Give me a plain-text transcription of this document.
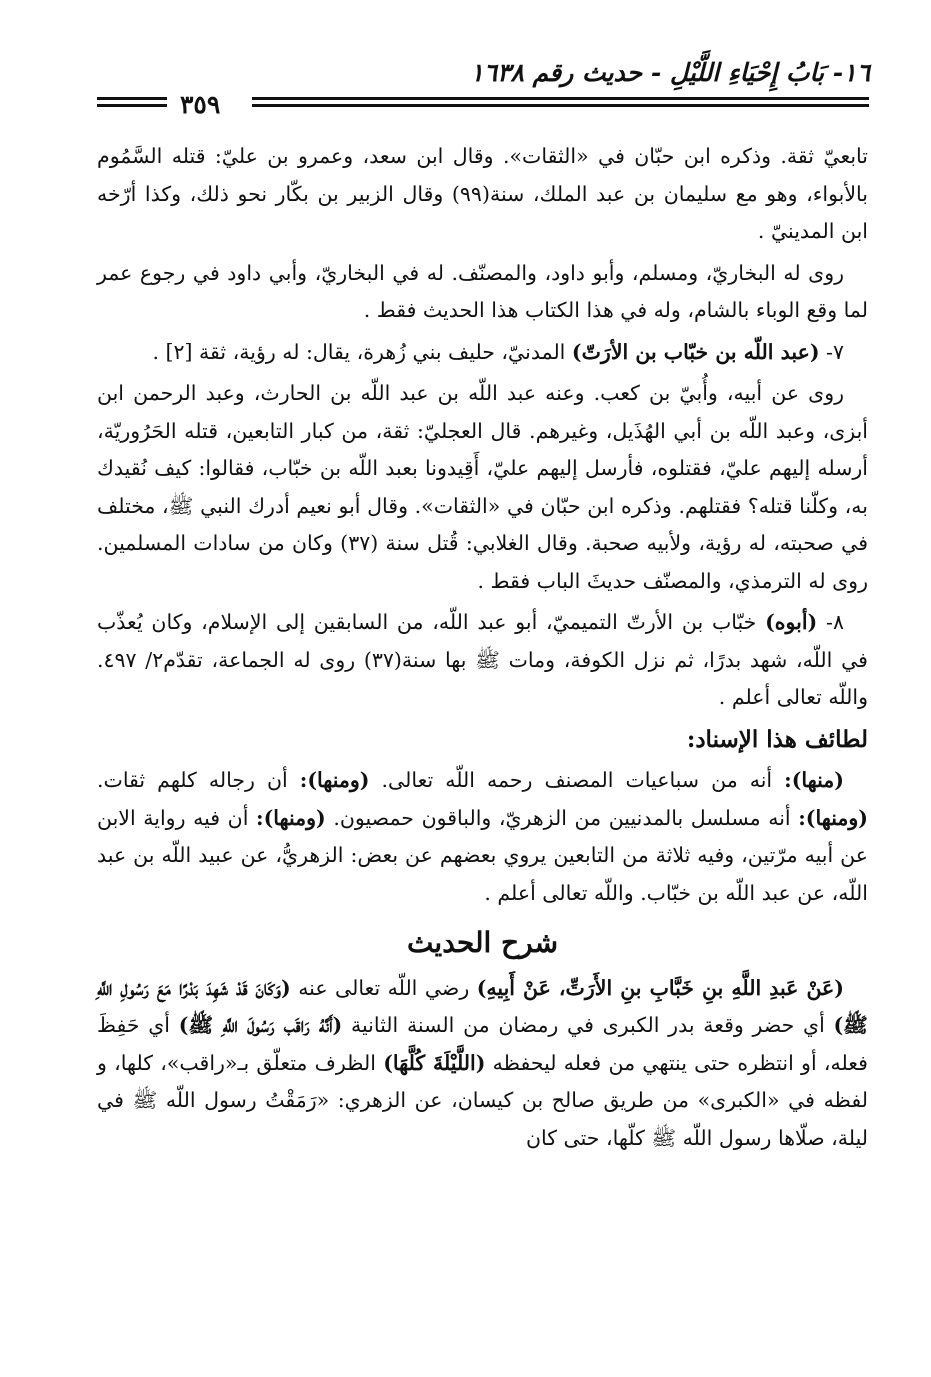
١٦- بَابُ إِحْيَاءِ اللَّيْلِ - حديث رقم ١٦٣٨
٣٥٩

تابعيّ ثقة. وذكره ابن حبّان في «الثقات». وقال ابن سعد، وعمرو بن عليّ: قتله السَّمُوم بالأبواء، وهو مع سليمان بن عبد الملك، سنة(٩٩) وقال الزبير بن بكّار نحو ذلك، وكذا أرّخه ابن المدينيّ .

روى له البخاريّ، ومسلم، وأبو داود، والمصنّف. له في البخاريّ، وأبي داود في رجوع عمر لما وقع الوباء بالشام، وله في هذا الكتاب هذا الحديث فقط .

٧- (عبد اللّه بن خبّاب بن الأرَتّ) المدنيّ، حليف بني زُهرة، يقال: له رؤية، ثقة [٢] .

روى عن أبيه، وأُبيّ بن كعب. وعنه عبد اللّه بن عبد اللّه بن الحارث، وعبد الرحمن ابن أبزى، وعبد اللّه بن أبي الهُذَيل، وغيرهم. قال العجليّ: ثقة، من كبار التابعين، قتله الحَرُوريّة، أرسله إليهم عليّ، فقتلوه، فأرسل إليهم عليّ، أَقِيدونا بعبد اللّه بن خبّاب، فقالوا: كيف نُقيدك به، وكلّنا قتله؟ فقتلهم. وذكره ابن حبّان في «الثقات». وقال أبو نعيم أدرك النبي ﷺ، مختلف في صحبته، له رؤية، ولأبيه صحبة. وقال الغلابي: قُتل سنة (٣٧) وكان من سادات المسلمين. روى له الترمذي، والمصنّف حديثَ الباب فقط .

٨- (أبوه) خبّاب بن الأرتّ التميميّ، أبو عبد اللّه، من السابقين إلى الإسلام، وكان يُعذّب في اللّه، شهد بدرًا، ثم نزل الكوفة، ومات ﷺ بها سنة(٣٧) روى له الجماعة، تقدّم٢/ ٤٩٧. واللّه تعالى أعلم .

لطائف هذا الإسناد:

(منها): أنه من سباعيات المصنف رحمه اللّه تعالى. (ومنها): أن رجاله كلهم ثقات. (ومنها): أنه مسلسل بالمدنيين من الزهريّ، والباقون حمصيون. (ومنها): أن فيه رواية الابن عن أبيه مرّتين، وفيه ثلاثة من التابعين يروي بعضهم عن بعض: الزهريُّ، عن عبيد اللّه بن عبد اللّه، عن عبد اللّه بن خبّاب. واللّه تعالى أعلم .

شرح الحديث

(عَنْ عَبدِ اللَّهِ بنِ خَبَّابِ بنِ الأَرَتِّ، عَنْ أَبِيهِ) رضي اللّه تعالى عنه (وَكَانَ قَدْ شَهِدَ بَدْرًا مَعَ رَسُولِ اللَّهِ ﷺ) أي حضر وقعة بدر الكبرى في رمضان من السنة الثانية (أَنَّهُ رَاقَب رَسُولَ اللَّهِ ﷺ) أي حَفِظَ فعله، أو انتظره حتى ينتهي من فعله ليحفظه (اللَّيْلَةَ كُلَّهَا) الظرف متعلّق بـ«راقب»، كلها، و لفظه في «الكبرى» من طريق صالح بن كيسان، عن الزهري: «رَمَقْتُ رسول اللّه ﷺ في ليلة، صلّاها رسول اللّه ﷺ كلّها، حتى كان
